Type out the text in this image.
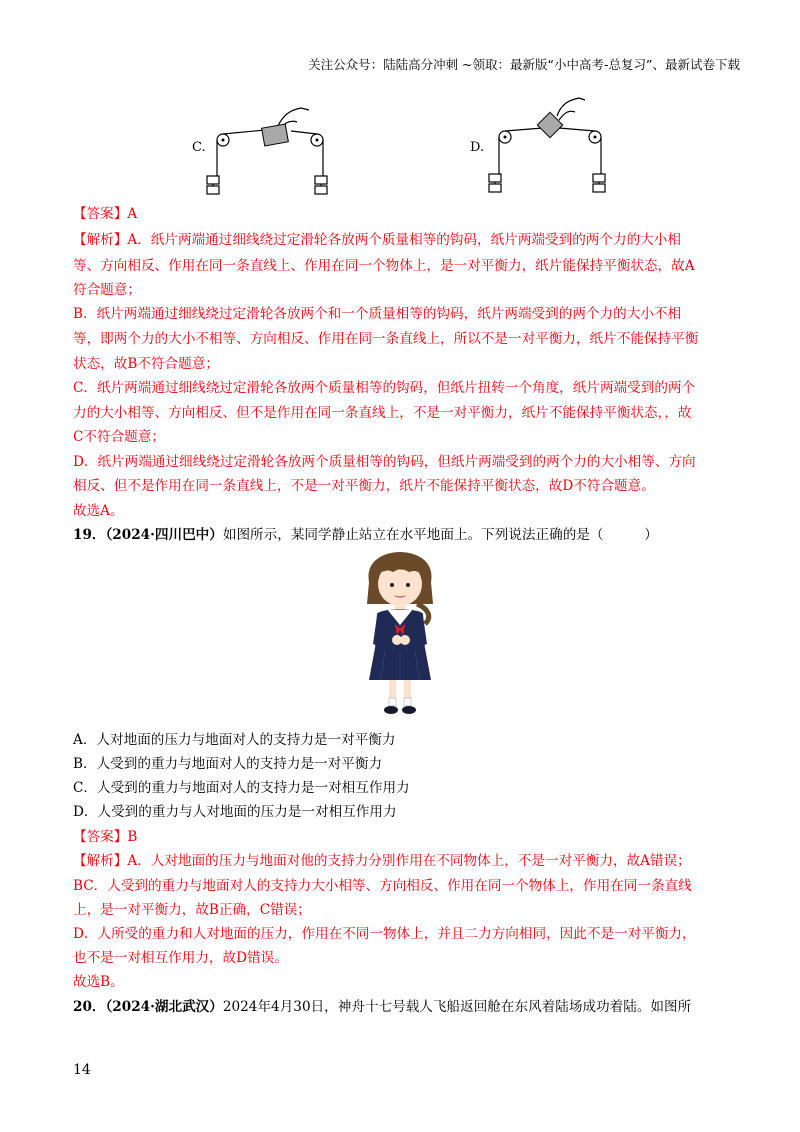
关注公众号：陆陆高分冲刺 ~领取：最新版“小中高考-总复习”、最新试卷下载
C.	D.
【答案】A
【解析】A．纸片两端通过细线绕过定滑轮各放两个质量相等的钩码，纸片两端受到的两个力的大小相
等、方向相反、作用在同一条直线上、作用在同一个物体上，是一对平衡力，纸片能保持平衡状态，故A
符合题意；
B．纸片两端通过细线绕过定滑轮各放两个和一个质量相等的钩码，纸片两端受到的两个力的大小不相
等，即两个力的大小不相等、方向相反、作用在同一条直线上，所以不是一对平衡力，纸片不能保持平衡
状态，故B不符合题意；
C．纸片两端通过细线绕过定滑轮各放两个质量相等的钩码，但纸片扭转一个角度，纸片两端受到的两个
力的大小相等、方向相反、但不是作用在同一条直线上，不是一对平衡力，纸片不能保持平衡状态，，故
C不符合题意；
D．纸片两端通过细线绕过定滑轮各放两个质量相等的钩码，但纸片两端受到的两个力的大小相等、方向
相反、但不是作用在同一条直线上，不是一对平衡力，纸片不能保持平衡状态，故D不符合题意。
故选A。
19．（2024·四川巴中）如图所示，某同学静止站立在水平地面上。下列说法正确的是（　　　）
A．人对地面的压力与地面对人的支持力是一对平衡力
B．人受到的重力与地面对人的支持力是一对平衡力
C．人受到的重力与地面对人的支持力是一对相互作用力
D．人受到的重力与人对地面的压力是一对相互作用力
【答案】B
【解析】A．人对地面的压力与地面对他的支持力分别作用在不同物体上，不是一对平衡力，故A错误；
BC．人受到的重力与地面对人的支持力大小相等、方向相反、作用在同一个物体上，作用在同一条直线
上，是一对平衡力，故B正确，C错误；
D．人所受的重力和人对地面的压力，作用在不同一物体上，并且二力方向相同，因此不是一对平衡力，
也不是一对相互作用力，故D错误。
故选B。
20．（2024·湖北武汉）2024年4月30日，神舟十七号载人飞船返回舱在东风着陆场成功着陆。如图所
14
